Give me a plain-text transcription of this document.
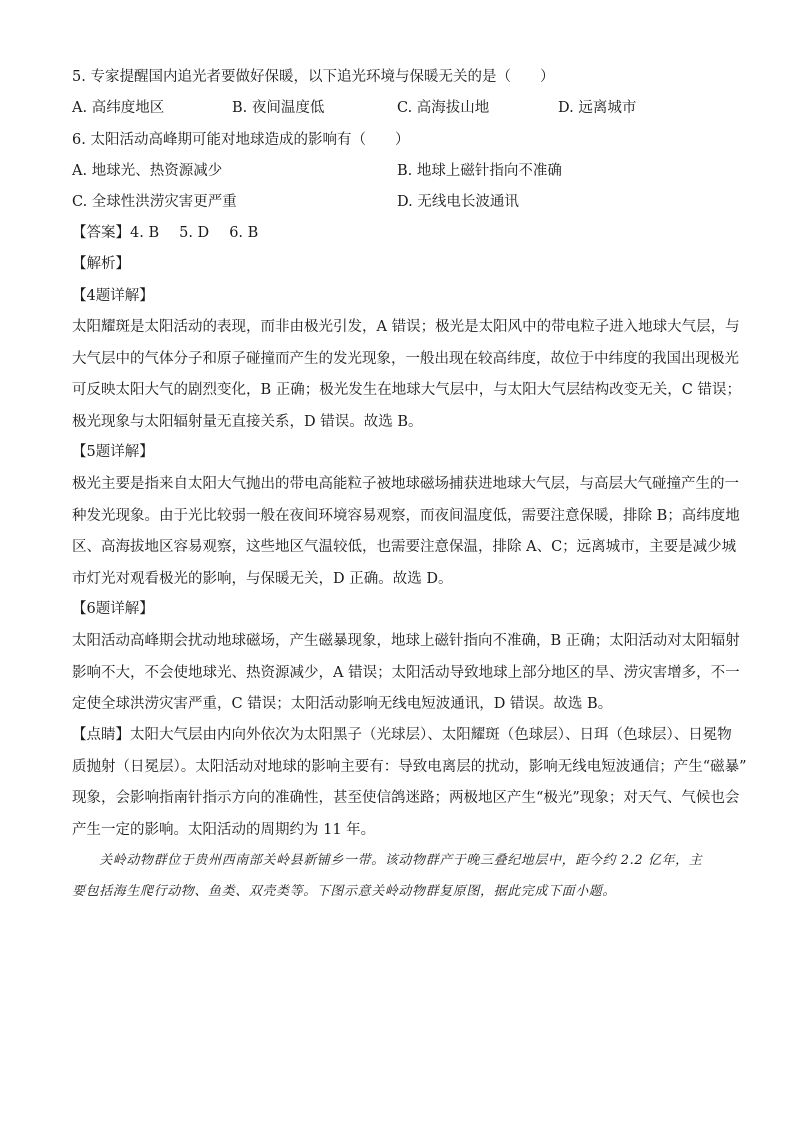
5. 专家提醒国内追光者要做好保暖，以下追光环境与保暖无关的是（　　）
A. 高纬度地区	B. 夜间温度低	C. 高海拔山地	D. 远离城市
6. 太阳活动高峰期可能对地球造成的影响有（　　）
A. 地球光、热资源减少	B. 地球上磁针指向不准确
C. 全球性洪涝灾害更严重	D. 无线电长波通讯
【答案】4. B 5. D 6. B
【解析】
【4题详解】
太阳耀斑是太阳活动的表现，而非由极光引发，A 错误；极光是太阳风中的带电粒子进入地球大气层，与
大气层中的气体分子和原子碰撞而产生的发光现象，一般出现在较高纬度，故位于中纬度的我国出现极光
可反映太阳大气的剧烈变化，B 正确；极光发生在地球大气层中，与太阳大气层结构改变无关，C 错误；
极光现象与太阳辐射量无直接关系，D 错误。故选 B。
【5题详解】
极光主要是指来自太阳大气抛出的带电高能粒子被地球磁场捕获进地球大气层，与高层大气碰撞产生的一
种发光现象。由于光比较弱一般在夜间环境容易观察，而夜间温度低，需要注意保暖，排除 B；高纬度地
区、高海拔地区容易观察，这些地区气温较低，也需要注意保温，排除 A、C；远离城市，主要是减少城
市灯光对观看极光的影响，与保暖无关，D 正确。故选 D。
【6题详解】
太阳活动高峰期会扰动地球磁场，产生磁暴现象，地球上磁针指向不准确，B 正确；太阳活动对太阳辐射
影响不大，不会使地球光、热资源减少，A 错误；太阳活动导致地球上部分地区的旱、涝灾害增多，不一
定使全球洪涝灾害严重，C 错误；太阳活动影响无线电短波通讯，D 错误。故选 B。
【点睛】太阳大气层由内向外依次为太阳黑子（光球层）、太阳耀斑（色球层）、日珥（色球层）、日冕物
质抛射（日冕层）。太阳活动对地球的影响主要有：导致电离层的扰动，影响无线电短波通信；产生“磁暴”
现象，会影响指南针指示方向的准确性，甚至使信鸽迷路；两极地区产生“极光”现象；对天气、气候也会
产生一定的影响。太阳活动的周期约为 11 年。
　　关岭动物群位于贵州西南部关岭县新铺乡一带。该动物群产于晚三叠纪地层中，距今约 2.2 亿年，主
要包括海生爬行动物、鱼类、双壳类等。下图示意关岭动物群复原图，据此完成下面小题。
